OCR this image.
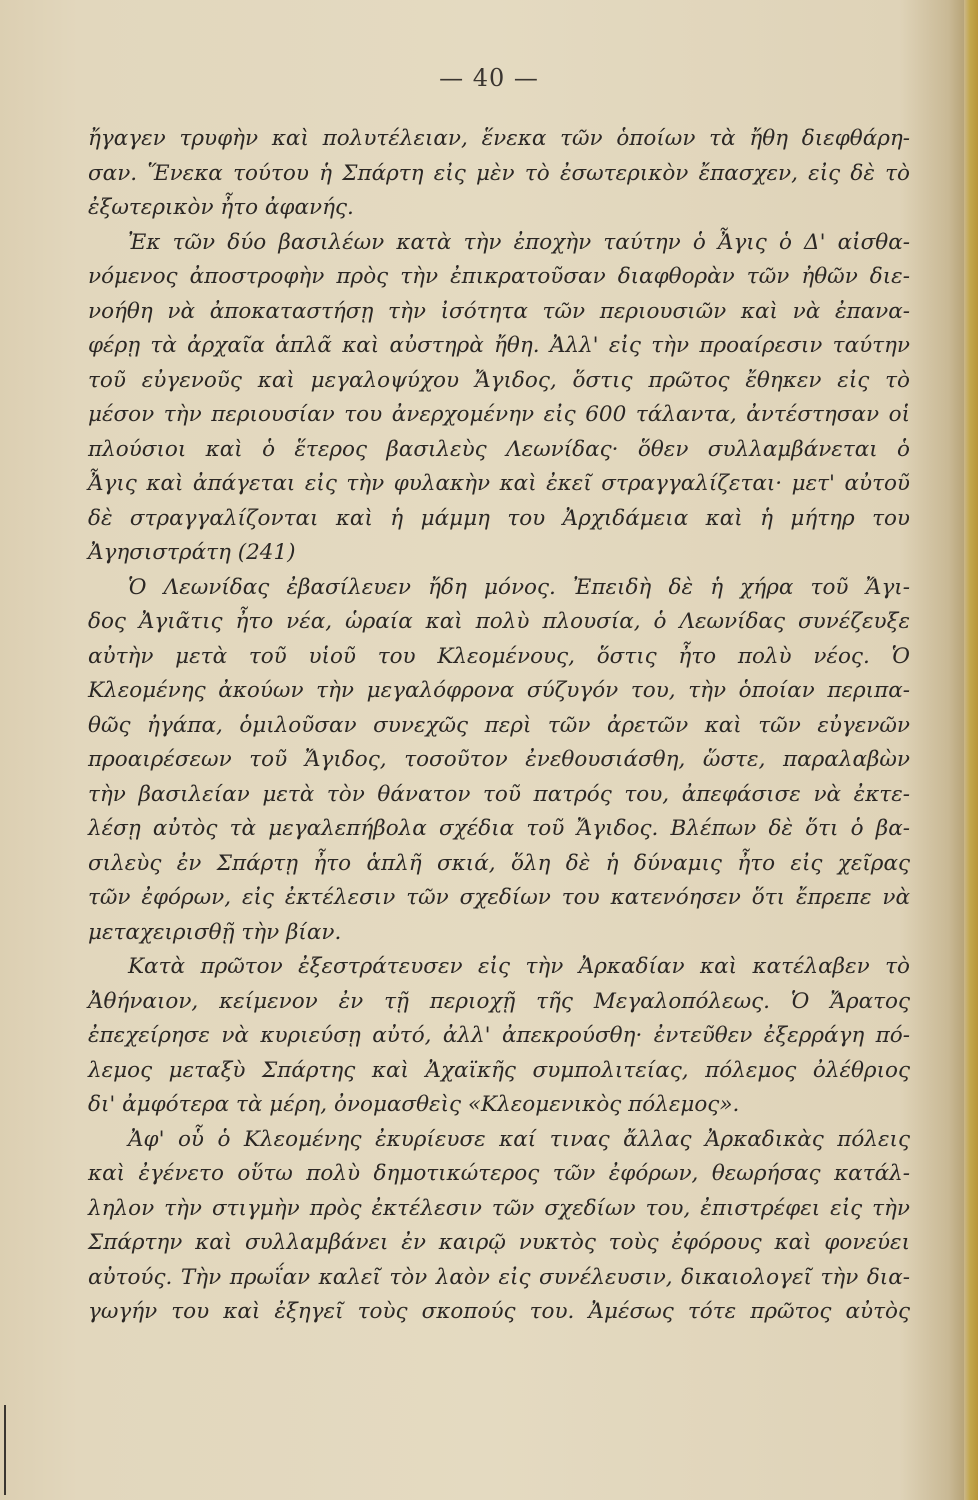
— 40 —
ἤγαγεν τρυφὴν καὶ πολυτέλειαν, ἕνεκα τῶν ὁποίων τὰ ἤθη διεφθάρη-
σαν. Ἕνεκα τούτου ἡ Σπάρτη εἰς μὲν τὸ ἐσωτερικὸν ἔπασχεν, εἰς δὲ τὸ
ἐξωτερικὸν ἦτο ἀφανής.
Ἐκ τῶν δύο βασιλέων κατὰ τὴν ἐποχὴν ταύτην ὁ Ἆγις ὁ Δ' αἰσθα-
νόμενος ἀποστροφὴν πρὸς τὴν ἐπικρατοῦσαν διαφθορὰν τῶν ἠθῶν διε-
νοήθη νὰ ἀποκαταστήσῃ τὴν ἰσότητα τῶν περιουσιῶν καὶ νὰ ἐπανα-
φέρῃ τὰ ἀρχαῖα ἁπλᾶ καὶ αὐστηρὰ ἤθη. Ἀλλ' εἰς τὴν προαίρεσιν ταύτην
τοῦ εὐγενοῦς καὶ μεγαλοψύχου Ἄγιδος, ὅστις πρῶτος ἔθηκεν εἰς τὸ
μέσον τὴν περιουσίαν του ἀνερχομένην εἰς 600 τάλαντα, ἀντέστησαν οἱ
πλούσιοι καὶ ὁ ἕτερος βασιλεὺς Λεωνίδας· ὅθεν συλλαμβάνεται ὁ
Ἆγις καὶ ἀπάγεται εἰς τὴν φυλακὴν καὶ ἐκεῖ στραγγαλίζεται· μετ' αὐτοῦ
δὲ στραγγαλίζονται καὶ ἡ μάμμη του Ἀρχιδάμεια καὶ ἡ μήτηρ του
Ἀγησιστράτη (241)
Ὁ Λεωνίδας ἐβασίλευεν ἤδη μόνος. Ἐπειδὴ δὲ ἡ χήρα τοῦ Ἄγι-
δος Ἀγιᾶτις ἦτο νέα, ὡραία καὶ πολὺ πλουσία, ὁ Λεωνίδας συνέζευξε
αὐτὴν μετὰ τοῦ υἱοῦ του Κλεομένους, ὅστις ἦτο πολὺ νέος. Ὁ
Κλεομένης ἀκούων τὴν μεγαλόφρονα σύζυγόν του, τὴν ὁποίαν περιπα-
θῶς ἠγάπα, ὁμιλοῦσαν συνεχῶς περὶ τῶν ἀρετῶν καὶ τῶν εὐγενῶν
προαιρέσεων τοῦ Ἄγιδος, τοσοῦτον ἐνεθουσιάσθη, ὥστε, παραλαβὼν
τὴν βασιλείαν μετὰ τὸν θάνατον τοῦ πατρός του, ἀπεφάσισε νὰ ἐκτε-
λέσῃ αὐτὸς τὰ μεγαλεπήβολα σχέδια τοῦ Ἄγιδος. Βλέπων δὲ ὅτι ὁ βα-
σιλεὺς ἐν Σπάρτῃ ἦτο ἁπλῆ σκιά, ὅλη δὲ ἡ δύναμις ἦτο εἰς χεῖρας
τῶν ἐφόρων, εἰς ἐκτέλεσιν τῶν σχεδίων του κατενόησεν ὅτι ἔπρεπε νὰ
μεταχειρισθῇ τὴν βίαν.
Κατὰ πρῶτον ἐξεστράτευσεν εἰς τὴν Ἀρκαδίαν καὶ κατέλαβεν τὸ
Ἀθήναιον, κείμενον ἐν τῇ περιοχῇ τῆς Μεγαλοπόλεως. Ὁ Ἄρατος
ἐπεχείρησε νὰ κυριεύσῃ αὐτό, ἀλλ' ἀπεκρούσθη· ἐντεῦθεν ἐξερράγη πό-
λεμος μεταξὺ Σπάρτης καὶ Ἀχαϊκῆς συμπολιτείας, πόλεμος ὀλέθριος
δι' ἀμφότερα τὰ μέρη, ὀνομασθεὶς «Κλεομενικὸς πόλεμος».
Ἀφ' οὗ ὁ Κλεομένης ἐκυρίευσε καί τινας ἄλλας Ἀρκαδικὰς πόλεις
καὶ ἐγένετο οὕτω πολὺ δημοτικώτερος τῶν ἐφόρων, θεωρήσας κατάλ-
ληλον τὴν στιγμὴν πρὸς ἐκτέλεσιν τῶν σχεδίων του, ἐπιστρέφει εἰς τὴν
Σπάρτην καὶ συλλαμβάνει ἐν καιρῷ νυκτὸς τοὺς ἐφόρους καὶ φονεύει
αὐτούς. Τὴν πρωΐαν καλεῖ τὸν λαὸν εἰς συνέλευσιν, δικαιολογεῖ τὴν δια-
γωγήν του καὶ ἐξηγεῖ τοὺς σκοπούς του. Ἀμέσως τότε πρῶτος αὐτὸς
